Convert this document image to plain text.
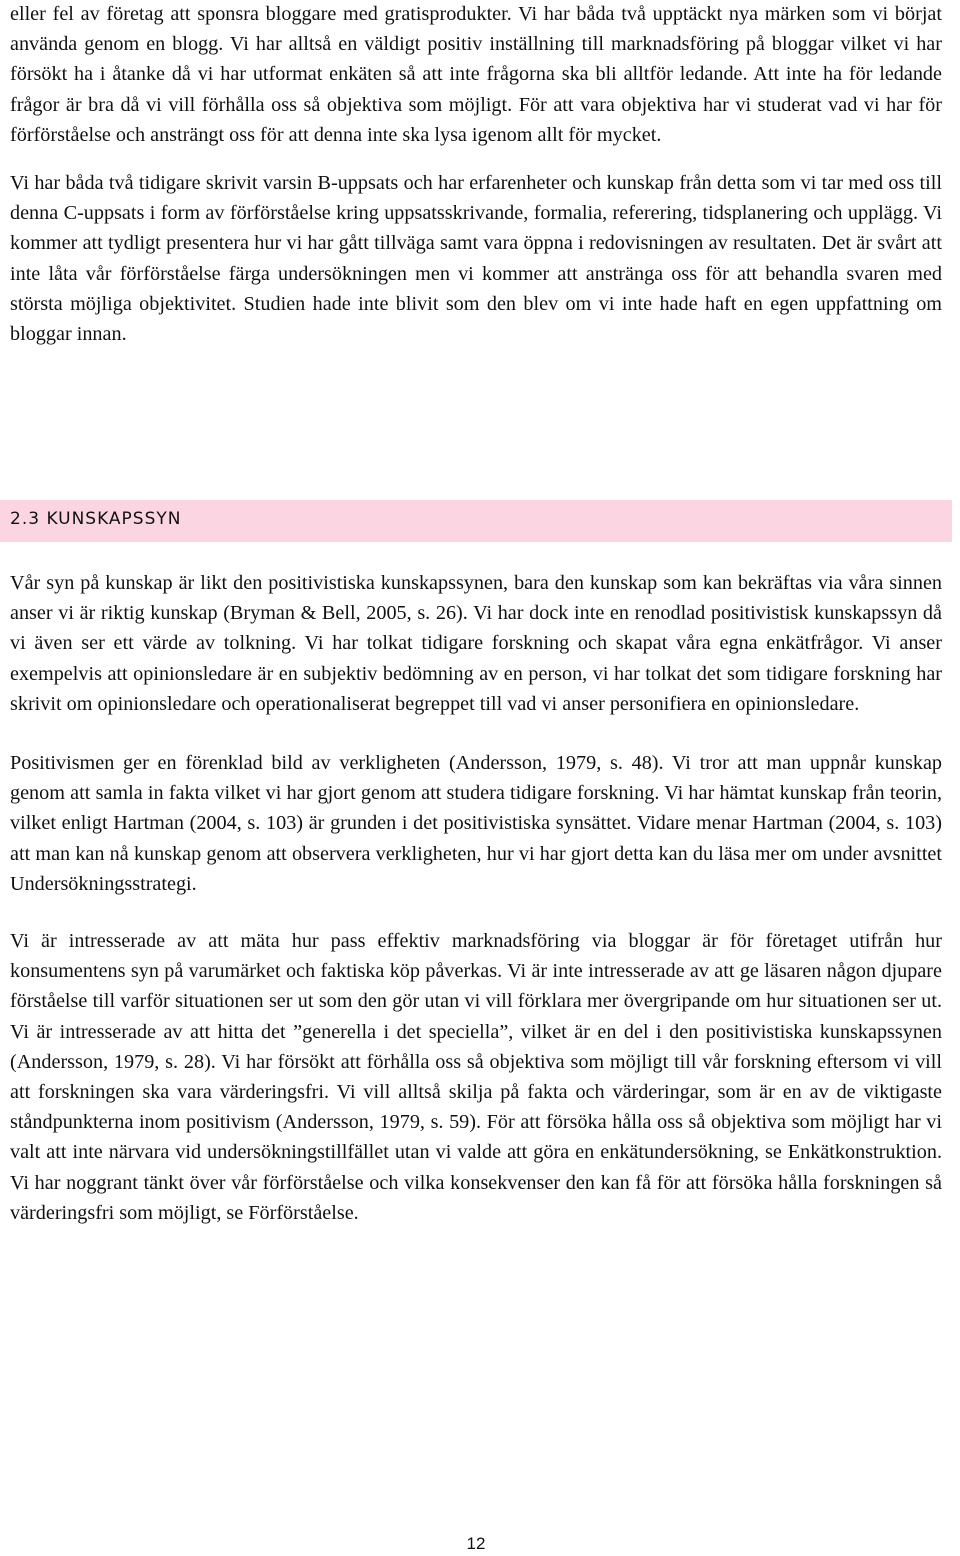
eller fel av företag att sponsra bloggare med gratisprodukter. Vi har båda två upptäckt nya märken som vi börjat använda genom en blogg. Vi har alltså en väldigt positiv inställning till marknadsföring på bloggar vilket vi har försökt ha i åtanke då vi har utformat enkäten så att inte frågorna ska bli alltför ledande. Att inte ha för ledande frågor är bra då vi vill förhålla oss så objektiva som möjligt. För att vara objektiva har vi studerat vad vi har för förförståelse och ansträngt oss för att denna inte ska lysa igenom allt för mycket.

Vi har båda två tidigare skrivit varsin B-uppsats och har erfarenheter och kunskap från detta som vi tar med oss till denna C-uppsats i form av förförståelse kring uppsatsskrivande, formalia, referering, tidsplanering och upplägg. Vi kommer att tydligt presentera hur vi har gått tillväga samt vara öppna i redovisningen av resultaten. Det är svårt att inte låta vår förförståelse färga undersökningen men vi kommer att anstränga oss för att behandla svaren med största möjliga objektivitet. Studien hade inte blivit som den blev om vi inte hade haft en egen uppfattning om bloggar innan.

2.3 KUNSKAPSSYN

Vår syn på kunskap är likt den positivistiska kunskapssynen, bara den kunskap som kan bekräftas via våra sinnen anser vi är riktig kunskap (Bryman & Bell, 2005, s. 26). Vi har dock inte en renodlad positivistisk kunskapssyn då vi även ser ett värde av tolkning. Vi har tolkat tidigare forskning och skapat våra egna enkätfrågor. Vi anser exempelvis att opinionsledare är en subjektiv bedömning av en person, vi har tolkat det som tidigare forskning har skrivit om opinionsledare och operationaliserat begreppet till vad vi anser personifiera en opinionsledare.

Positivismen ger en förenklad bild av verkligheten (Andersson, 1979, s. 48). Vi tror att man uppnår kunskap genom att samla in fakta vilket vi har gjort genom att studera tidigare forskning. Vi har hämtat kunskap från teorin, vilket enligt Hartman (2004, s. 103) är grunden i det positivistiska synsättet. Vidare menar Hartman (2004, s. 103) att man kan nå kunskap genom att observera verkligheten, hur vi har gjort detta kan du läsa mer om under avsnittet Undersökningsstrategi.

Vi är intresserade av att mäta hur pass effektiv marknadsföring via bloggar är för företaget utifrån hur konsumentens syn på varumärket och faktiska köp påverkas. Vi är inte intresserade av att ge läsaren någon djupare förståelse till varför situationen ser ut som den gör utan vi vill förklara mer övergripande om hur situationen ser ut. Vi är intresserade av att hitta det ”generella i det speciella”, vilket är en del i den positivistiska kunskapssynen (Andersson, 1979, s. 28). Vi har försökt att förhålla oss så objektiva som möjligt till vår forskning eftersom vi vill att forskningen ska vara värderingsfri. Vi vill alltså skilja på fakta och värderingar, som är en av de viktigaste ståndpunkterna inom positivism (Andersson, 1979, s. 59). För att försöka hålla oss så objektiva som möjligt har vi valt att inte närvara vid undersökningstillfället utan vi valde att göra en enkätundersökning, se Enkätkonstruktion. Vi har noggrant tänkt över vår förförståelse och vilka konsekvenser den kan få för att försöka hålla forskningen så värderingsfri som möjligt, se Förförståelse.

12
